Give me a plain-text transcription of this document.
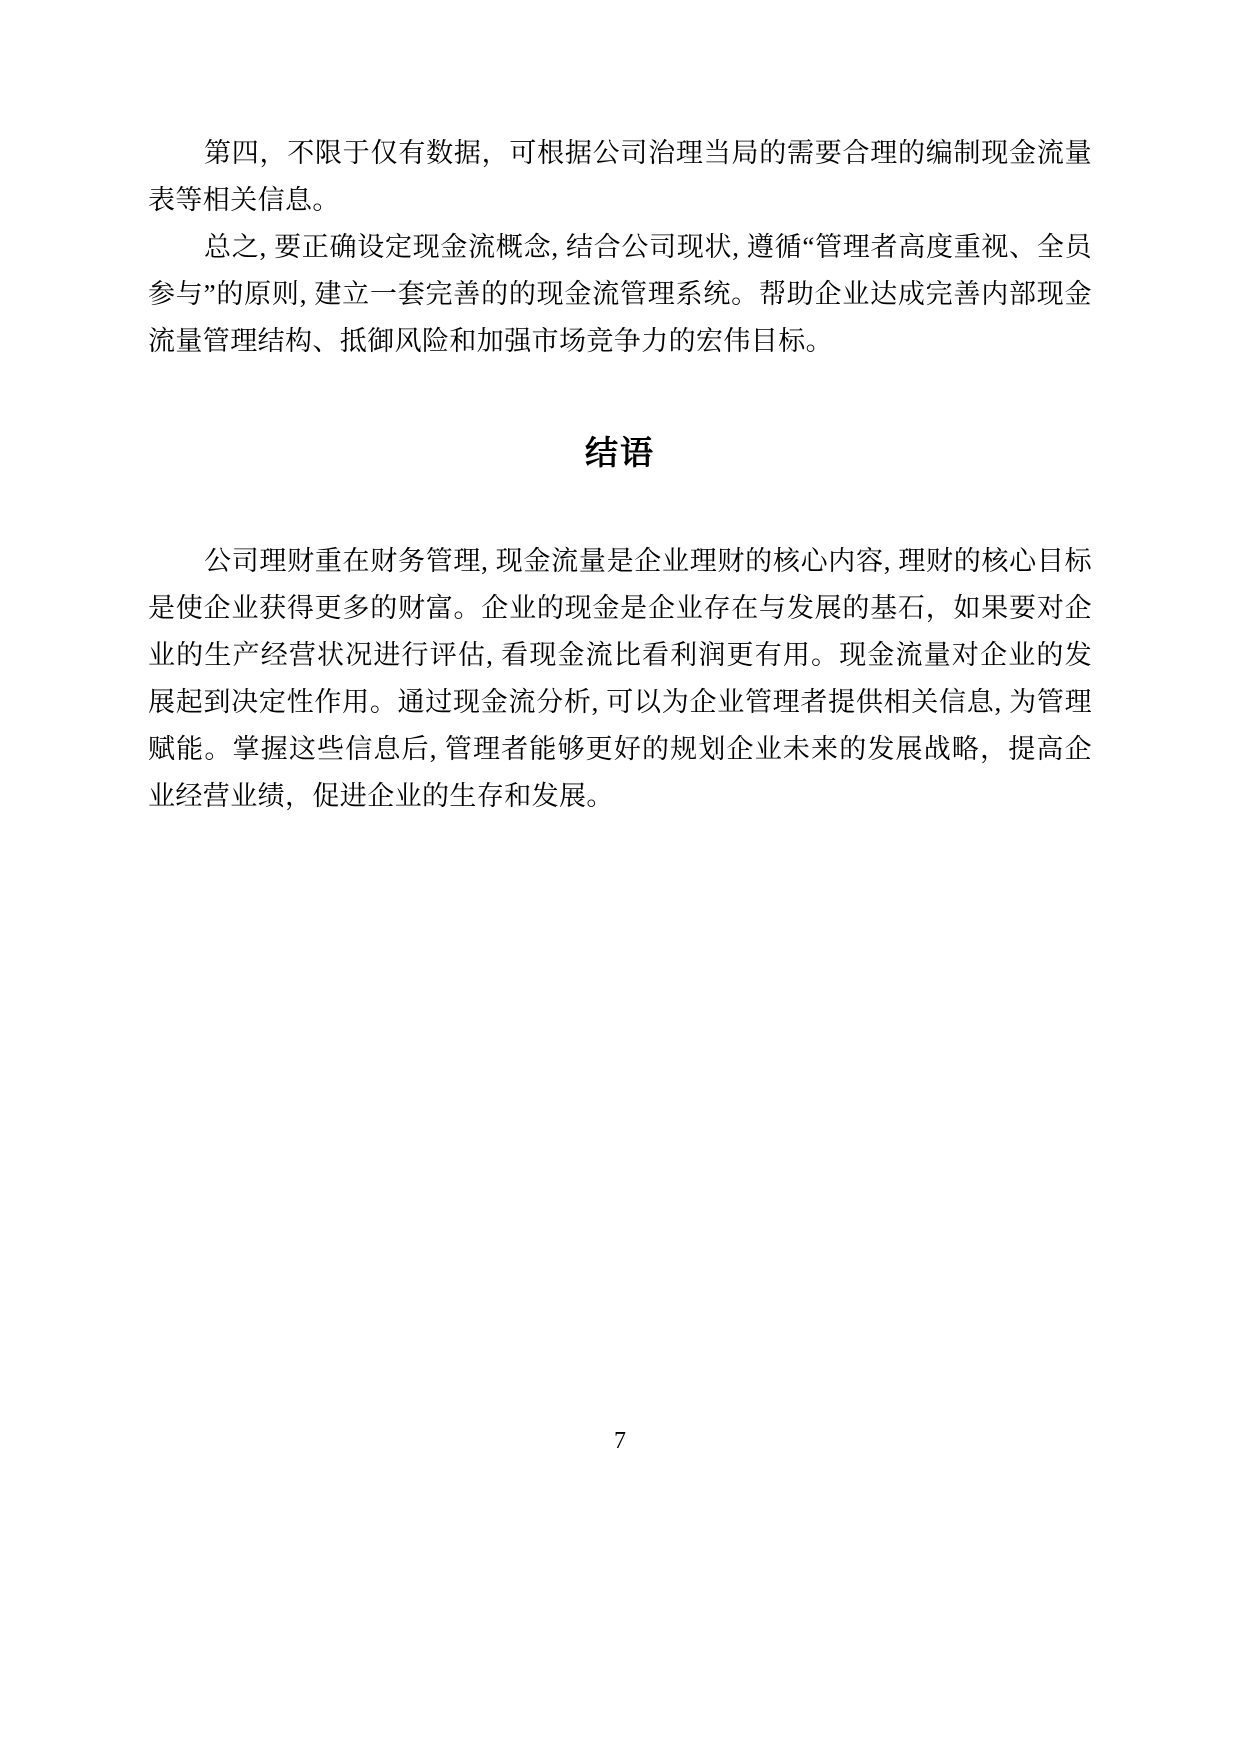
第四，不限于仅有数据，可根据公司治理当局的需要合理的编制现金流量表等相关信息。

总之, 要正确设定现金流概念, 结合公司现状, 遵循“管理者高度重视、全员参与”的原则, 建立一套完善的的现金流管理系统。帮助企业达成完善内部现金流量管理结构、抵御风险和加强市场竞争力的宏伟目标。

结语

公司理财重在财务管理, 现金流量是企业理财的核心内容, 理财的核心目标是使企业获得更多的财富。企业的现金是企业存在与发展的基石，如果要对企业的生产经营状况进行评估, 看现金流比看利润更有用。现金流量对企业的发展起到决定性作用。通过现金流分析, 可以为企业管理者提供相关信息, 为管理赋能。掌握这些信息后, 管理者能够更好的规划企业未来的发展战略，提高企业经营业绩，促进企业的生存和发展。

7
